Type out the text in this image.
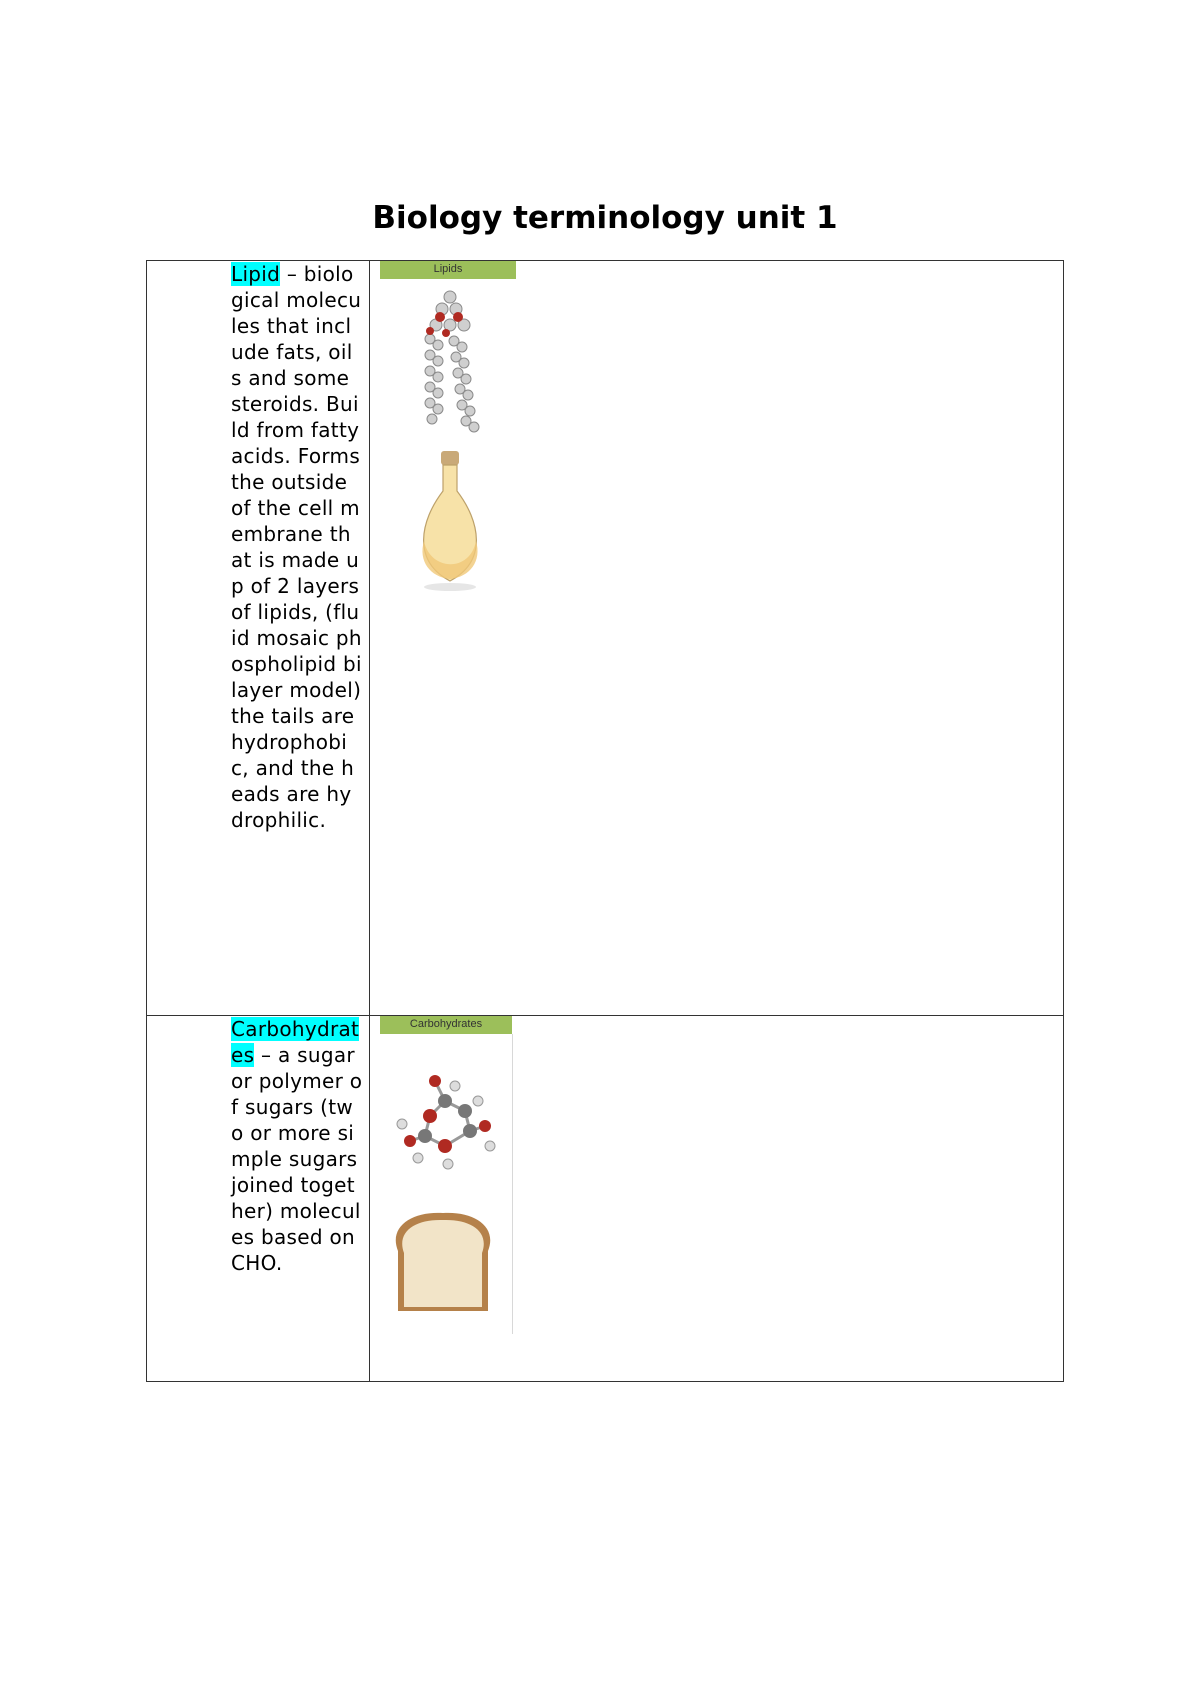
Biology terminology unit 1

Lipid – biological molecules that include fats, oils and some steroids. Build from fatty acids. Forms the outside of the cell membrane that is made up of 2 layers of lipids, (fluid mosaic phospholipid bilayer model) the tails are hydrophobic, and the heads are hydrophilic.	Lipids

Carbohydrates – a sugar or polymer of sugars (two or more simple sugars joined together) molecules based on CHO.	Carbohydrates
